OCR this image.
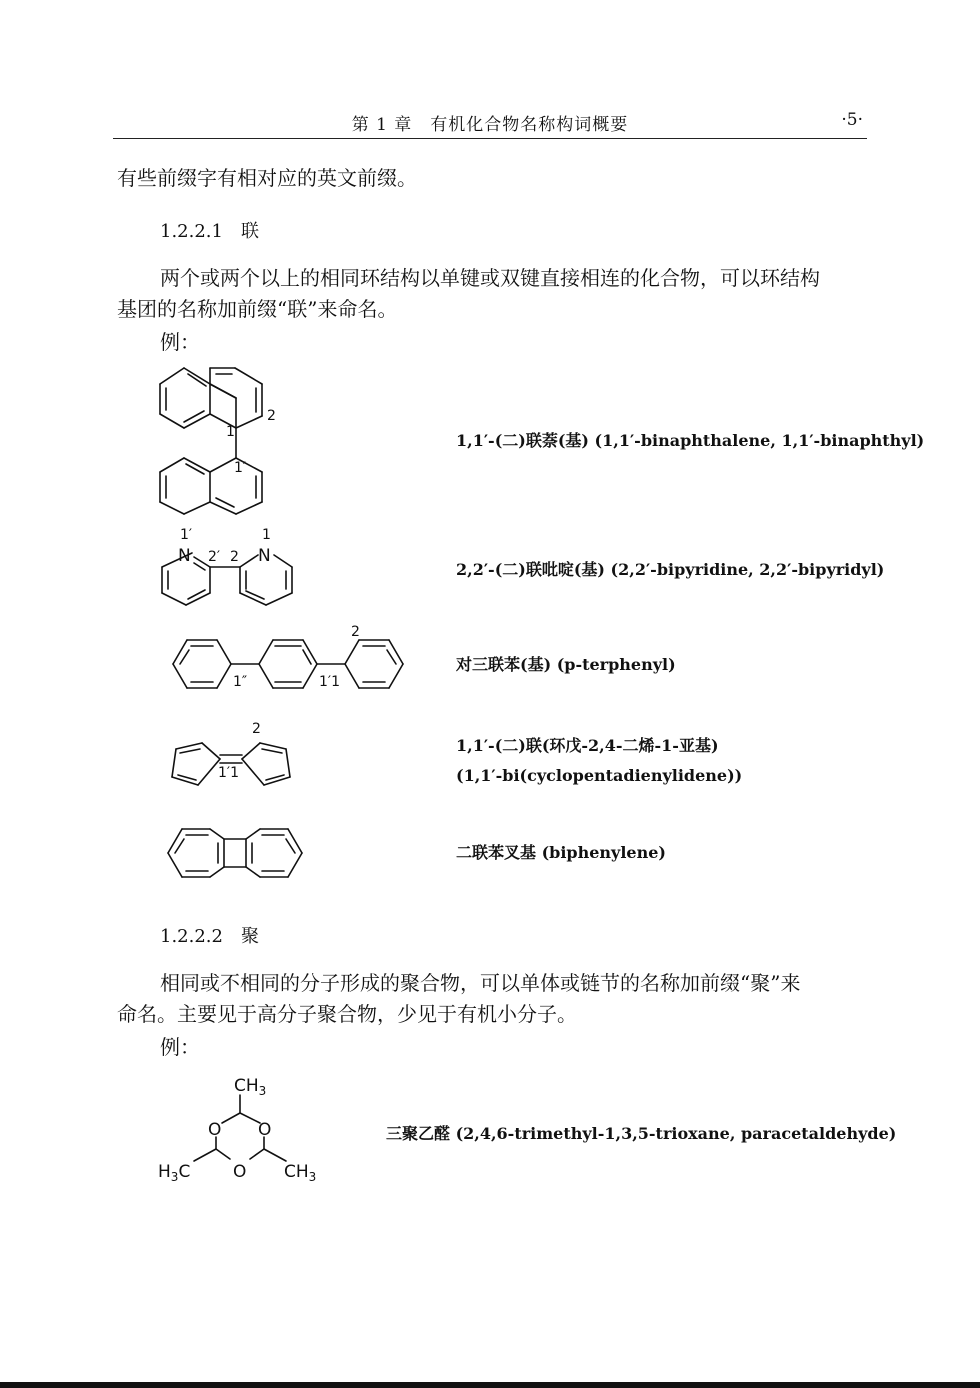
第 1 章　有机化合物名称构词概要	·5·

有些前缀字有相对应的英文前缀。

1.2.2.1　联

两个或两个以上的相同环结构以单键或双键直接相连的化合物，可以环结构

基团的名称加前缀“联”来命名。

例：

2
1
1′
1,1′-(二)联萘(基) (1,1′-binaphthalene, 1,1′-binaphthyl)
N	N
1′
2′ 2
1
2,2′-(二)联吡啶(基) (2,2′-bipyridine, 2,2′-bipyridyl)
2
1″	1′1
对三联苯(基) (p-terphenyl)
2
1′1
1,1′-(二)联(环戊-2,4-二烯-1-亚基)
(1,1′-bi(cyclopentadienylidene))
二联苯叉基 (biphenylene)
1.2.2.2　聚

相同或不相同的分子形成的聚合物，可以单体或链节的名称加前缀“聚”来

命名。主要见于高分子聚合物，少见于有机小分子。

例：

$CH_3$
O O
O
$H_3C$	$CH_3$
三聚乙醛 (2,4,6-trimethyl-1,3,5-trioxane, paracetaldehyde)
